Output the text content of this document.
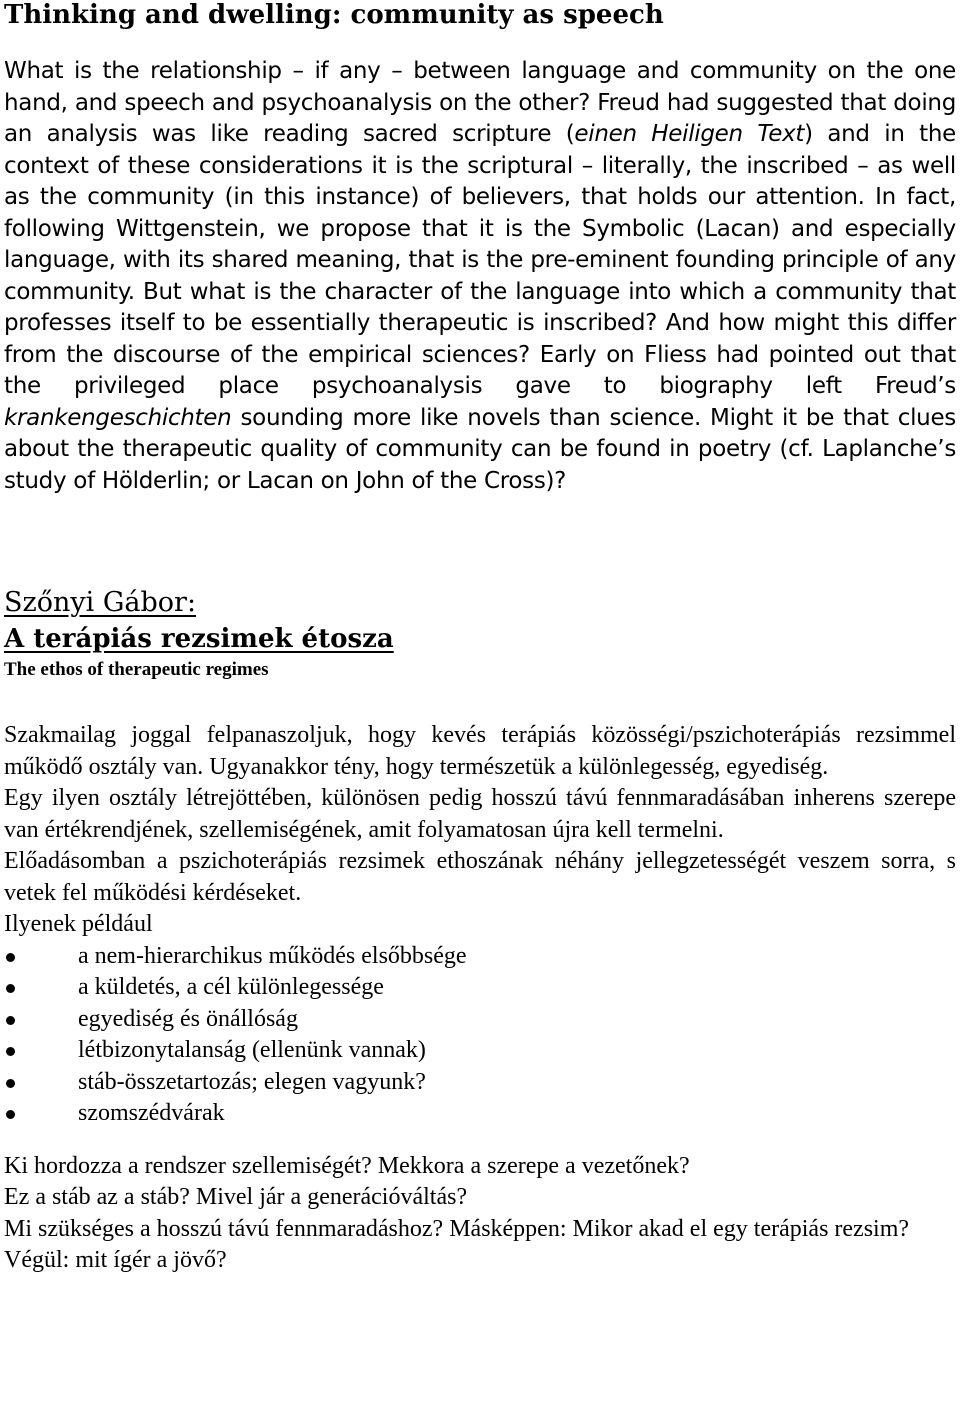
Thinking and dwelling: community as speech

What is the relationship – if any – between language and community on the one hand, and speech and psychoanalysis on the other? Freud had suggested that doing an analysis was like reading sacred scripture (einen Heiligen Text) and in the context of these considerations it is the scriptural – literally, the inscribed – as well as the community (in this instance) of believers, that holds our attention. In fact, following Wittgenstein, we propose that it is the Symbolic (Lacan) and especially language, with its shared meaning, that is the pre-eminent founding principle of any community. But what is the character of the language into which a community that professes itself to be essentially therapeutic is inscribed? And how might this differ from the discourse of the empirical sciences? Early on Fliess had pointed out that the privileged place psychoanalysis gave to biography left Freud’s krankengeschichten sounding more like novels than science. Might it be that clues about the therapeutic quality of community can be found in poetry (cf. Laplanche’s study of Hölderlin; or Lacan on John of the Cross)?

Szőnyi Gábor:

A terápiás rezsimek étosza

The ethos of therapeutic regimes

Szakmailag joggal felpanaszoljuk, hogy kevés terápiás közösségi/pszichoterápiás rezsimmel működő osztály van. Ugyanakkor tény, hogy természetük a különlegesség, egyediség.

Egy ilyen osztály létrejöttében, különösen pedig hosszú távú fennmaradásában inherens szerepe van értékrendjének, szellemiségének, amit folyamatosan újra kell termelni.

Előadásomban a pszichoterápiás rezsimek ethoszának néhány jellegzetességét veszem sorra, s vetek fel működési kérdéseket.

Ilyenek például

a nem-hierarchikus működés elsőbbsége
a küldetés, a cél különlegessége
egyediség és önállóság
létbizonytalanság (ellenünk vannak)
stáb-összetartozás; elegen vagyunk?
szomszédvárak

Ki hordozza a rendszer szellemiségét? Mekkora a szerepe a vezetőnek?

Ez a stáb az a stáb? Mivel jár a generációváltás?

Mi szükséges a hosszú távú fennmaradáshoz? Másképpen: Mikor akad el egy terápiás rezsim?

Végül: mit ígér a jövő?
